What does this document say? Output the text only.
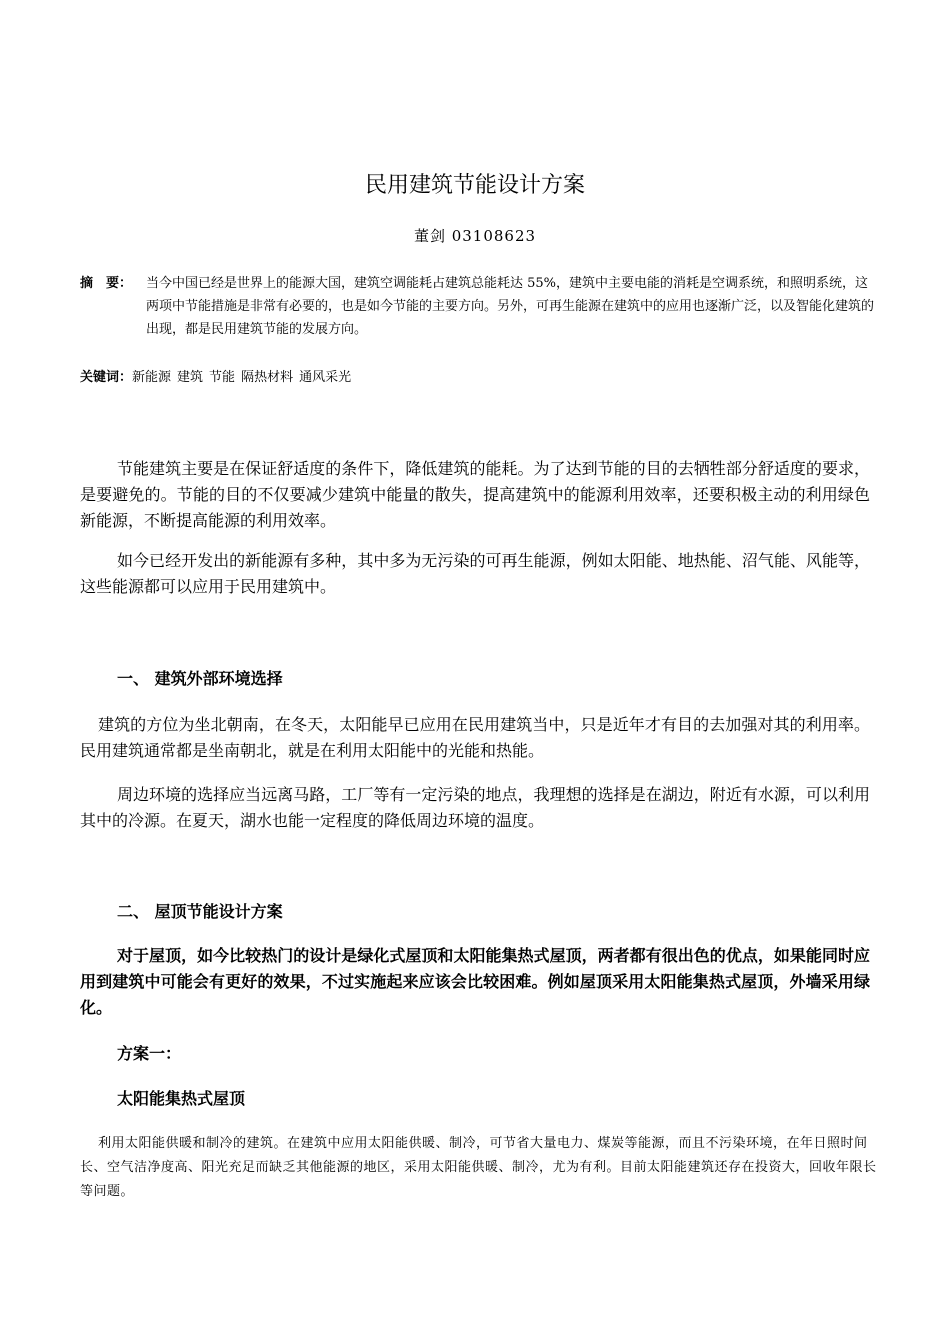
民用建筑节能设计方案
董剑 03108623
摘　要： 当今中国已经是世界上的能源大国，建筑空调能耗占建筑总能耗达 55%，建筑中主要电能的消耗是空调系统，和照明系统，这两项中节能措施是非常有必要的，也是如今节能的主要方向。另外，可再生能源在建筑中的应用也逐渐广泛，以及智能化建筑的出现，都是民用建筑节能的发展方向。
关键词：新能源 建筑 节能 隔热材料 通风采光
节能建筑主要是在保证舒适度的条件下，降低建筑的能耗。为了达到节能的目的去牺牲部分舒适度的要求，是要避免的。节能的目的不仅要减少建筑中能量的散失，提高建筑中的能源利用效率，还要积极主动的利用绿色新能源，不断提高能源的利用效率。
如今已经开发出的新能源有多种，其中多为无污染的可再生能源，例如太阳能、地热能、沼气能、风能等，这些能源都可以应用于民用建筑中。
一、 建筑外部环境选择
建筑的方位为坐北朝南，在冬天，太阳能早已应用在民用建筑当中，只是近年才有目的去加强对其的利用率。民用建筑通常都是坐南朝北，就是在利用太阳能中的光能和热能。
周边环境的选择应当远离马路，工厂等有一定污染的地点，我理想的选择是在湖边，附近有水源，可以利用其中的冷源。在夏天，湖水也能一定程度的降低周边环境的温度。
二、 屋顶节能设计方案
对于屋顶，如今比较热门的设计是绿化式屋顶和太阳能集热式屋顶，两者都有很出色的优点，如果能同时应用到建筑中可能会有更好的效果，不过实施起来应该会比较困难。例如屋顶采用太阳能集热式屋顶，外墙采用绿化。
方案一：
太阳能集热式屋顶
利用太阳能供暖和制冷的建筑。在建筑中应用太阳能供暖、制冷，可节省大量电力、煤炭等能源，而且不污染环境，在年日照时间长、空气洁净度高、阳光充足而缺乏其他能源的地区，采用太阳能供暖、制冷，尤为有利。目前太阳能建筑还存在投资大，回收年限长等问题。
